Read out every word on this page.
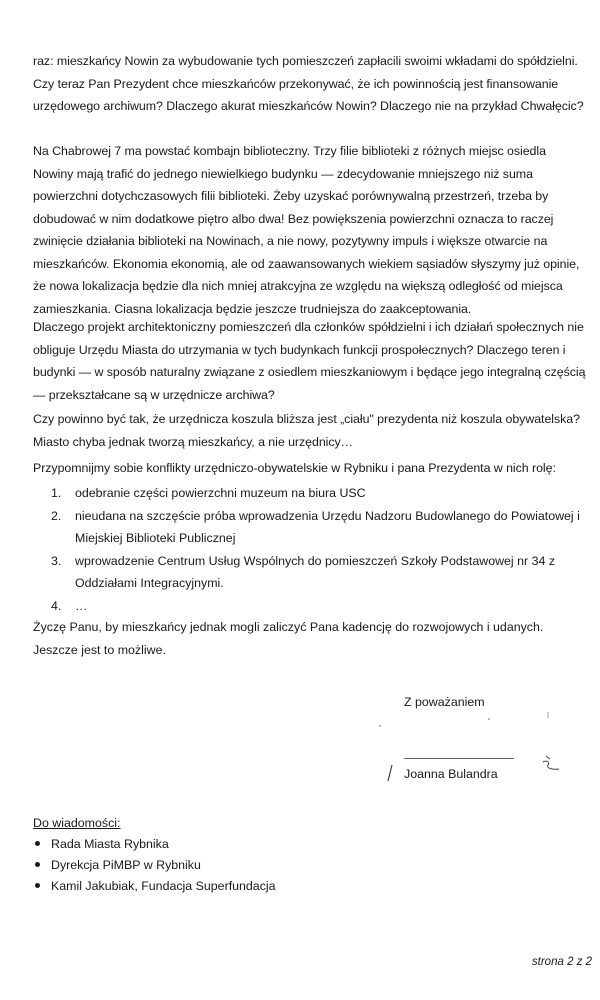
raz: mieszkańcy Nowin za wybudowanie tych pomieszczeń zapłacili swoimi wkładami do spółdzielni. Czy teraz Pan Prezydent chce mieszkańców przekonywać, że ich powinnością jest finansowanie urzędowego archiwum? Dlaczego akurat mieszkańców Nowin? Dlaczego nie na przykład Chwałęcic?

Na Chabrowej 7 ma powstać kombajn biblioteczny. Trzy filie biblioteki z różnych miejsc osiedla Nowiny mają trafić do jednego niewielkiego budynku — zdecydowanie mniejszego niż suma powierzchni dotychczasowych filii biblioteki. Żeby uzyskać porównywalną przestrzeń, trzeba by dobudować w nim dodatkowe piętro albo dwa! Bez powiększenia powierzchni oznacza to raczej zwinięcie działania biblioteki na Nowinach, a nie nowy, pozytywny impuls i większe otwarcie na mieszkańców. Ekonomia ekonomią, ale od zaawansowanych wiekiem sąsiadów słyszymy już opinie, że nowa lokalizacja będzie dla nich mniej atrakcyjna ze względu na większą odległość od miejsca zamieszkania. Ciasna lokalizacja będzie jeszcze trudniejsza do zaakceptowania.

Dlaczego projekt architektoniczny pomieszczeń dla członków spółdzielni i ich działań społecznych nie obliguje Urzędu Miasta do utrzymania w tych budynkach funkcji prospołecznych? Dlaczego teren i budynki — w sposób naturalny związane z osiedlem mieszkaniowym i będące jego integralną częścią — przekształcane są w urzędnicze archiwa?

Czy powinno być tak, że urzędnicza koszula bliższa jest „ciału" prezydenta niż koszula obywatelska? Miasto chyba jednak tworzą mieszkańcy, a nie urzędnicy…

Przypomnijmy sobie konflikty urzędniczo-obywatelskie w Rybniku i pana Prezydenta w nich rolę:

1. odebranie części powierzchni muzeum na biura USC
2. nieudana na szczęście próba wprowadzenia Urzędu Nadzoru Budowlanego do Powiatowej i Miejskiej Biblioteki Publicznej
3. wprowadzenie Centrum Usług Wspólnych do pomieszczeń Szkoły Podstawowej nr 34 z Oddziałami Integracyjnymi.
4. …

Życzę Panu, by mieszkańcy jednak mogli zaliczyć Pana kadencję do rozwojowych i udanych. Jeszcze jest to możliwe.

Z poważaniem
Joanna Bulandra
Do wiadomości:
Rada Miasta Rybnika
Dyrekcja PiMBP w Rybniku
Kamil Jakubiak, Fundacja Superfundacja
strona 2 z 2
